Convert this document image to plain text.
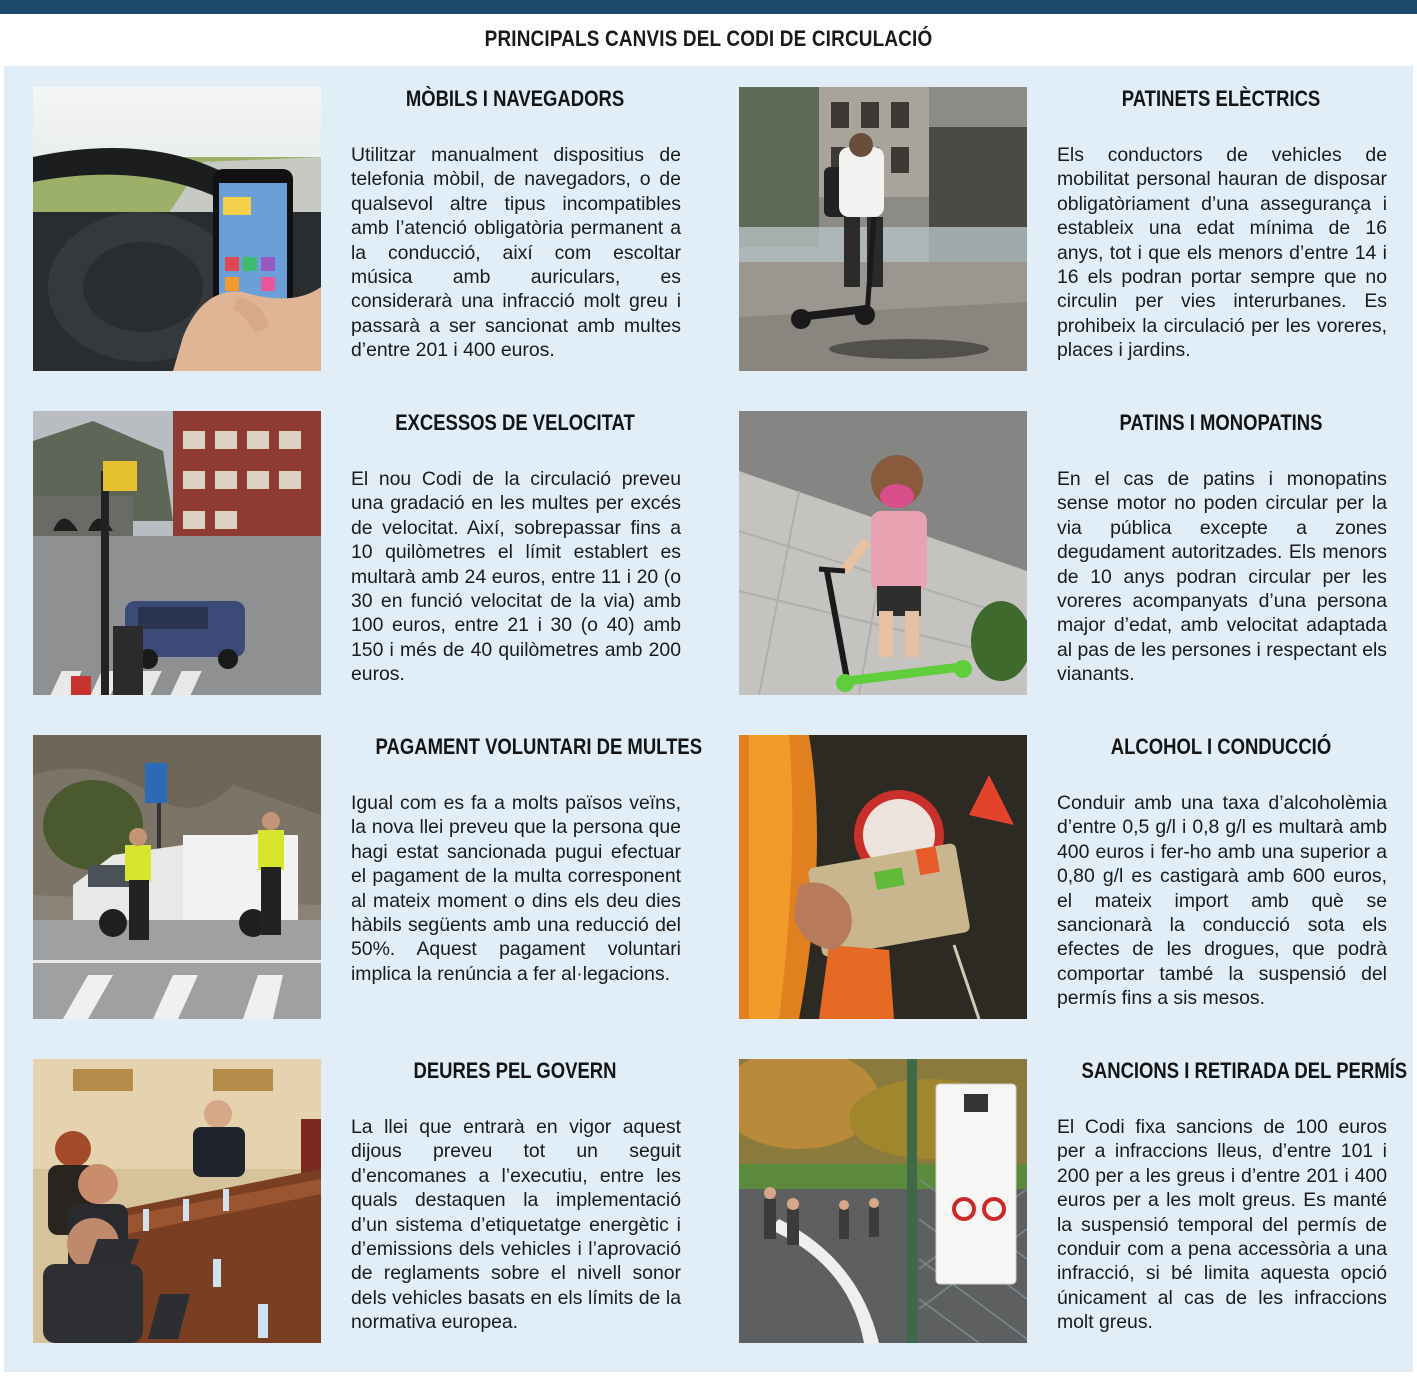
PRINCIPALS CANVIS DEL CODI DE CIRCULACIÓ
MÒBILS I NAVEGADORS
Utilitzar manualment dispositius de telefonia mòbil, de navegadors, o de qualsevol altre tipus incompatibles amb l’atenció obligatòria permanent a la conducció, així com escoltar música amb auriculars, es considerarà una infracció molt greu i passarà a ser sancionat amb multes d’entre 201 i 400 euros.
PATINETS ELÈCTRICS
Els conductors de vehicles de mobilitat personal hauran de disposar obligatòriament d’una assegurança i estableix una edat mínima de 16 anys, tot i que els menors d’entre 14 i 16 els podran portar sempre que no circulin per vies interurbanes. Es prohibeix la circulació per les voreres, places i jardins.
EXCESSOS DE VELOCITAT
El nou Codi de la circulació preveu una gradació en les multes per excés de velocitat. Així, sobrepassar fins a 10 quilòmetres el límit establert es multarà amb 24 euros, entre 11 i 20 (o 30 en funció velocitat de la via) amb 100 euros, entre 21 i 30 (o 40) amb 150 i més de 40 quilòmetres amb 200 euros.
PATINS I MONOPATINS
En el cas de patins i monopatins sense motor no poden circular per la via pública excepte a zones degudament autoritzades. Els menors de 10 anys podran circular per les voreres acompanyats d’una persona major d’edat, amb velocitat adaptada al pas de les persones i respectant els vianants.
PAGAMENT VOLUNTARI DE MULTES
Igual com es fa a molts països veïns, la nova llei preveu que la persona que hagi estat sancionada pugui efectuar el pagament de la multa corresponent al mateix moment o dins els deu dies hàbils següents amb una reducció del 50%. Aquest pagament voluntari implica la renúncia a fer al·legacions.
ALCOHOL I CONDUCCIÓ
Conduir amb una taxa d’alcoholèmia d’entre 0,5 g/l i 0,8 g/l es multarà amb 400 euros i fer-ho amb una superior a 0,80 g/l es castigarà amb 600 euros, el mateix import amb què se sancionarà la conducció sota els efectes de les drogues, que podrà comportar també la suspensió del permís fins a sis mesos.
DEURES PEL GOVERN
La llei que entrarà en vigor aquest dijous preveu tot un seguit d’encomanes a l’executiu, entre les quals destaquen la implementació d’un sistema d’etiquetatge energètic i d’emissions dels vehicles i l’aprovació de reglaments sobre el nivell sonor dels vehicles basats en els límits de la normativa europea.
SANCIONS I RETIRADA DEL PERMÍS
El Codi fixa sancions de 100 euros per a infraccions lleus, d’entre 101 i 200 per a les greus i d’entre 201 i 400 euros per a les molt greus. Es manté la suspensió temporal del permís de conduir com a pena accessòria a una infracció, si bé limita aquesta opció únicament al cas de les infraccions molt greus.
